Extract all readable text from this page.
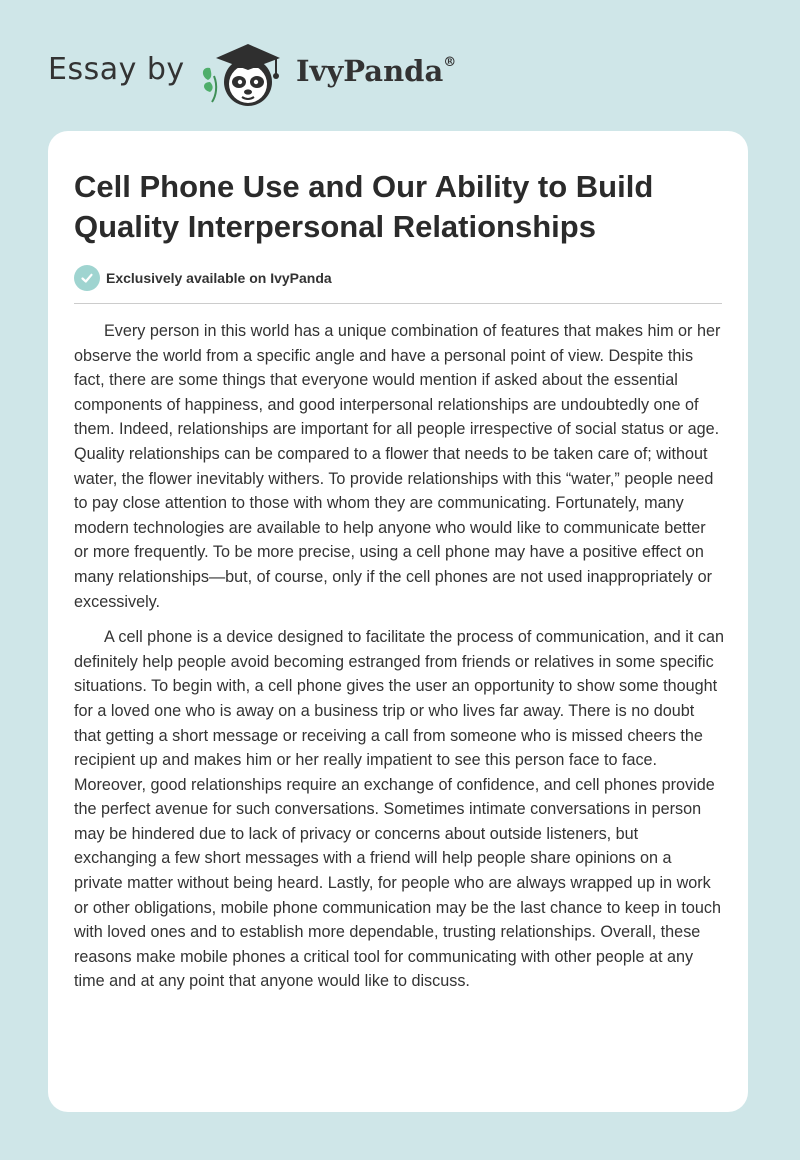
Essay by	IvyPanda®
Cell Phone Use and Our Ability to Build Quality Interpersonal Relationships
Exclusively available on IvyPanda

Every person in this world has a unique combination of features that makes him or her observe the world from a specific angle and have a personal point of view. Despite this fact, there are some things that everyone would mention if asked about the essential components of happiness, and good interpersonal relationships are undoubtedly one of them. Indeed, relationships are important for all people irrespective of social status or age. Quality relationships can be compared to a flower that needs to be taken care of; without water, the flower inevitably withers. To provide relationships with this “water,” people need to pay close attention to those with whom they are communicating. Fortunately, many modern technologies are available to help anyone who would like to communicate better or more frequently. To be more precise, using a cell phone may have a positive effect on many relationships—but, of course, only if the cell phones are not used inappropriately or excessively.

A cell phone is a device designed to facilitate the process of communication, and it can definitely help people avoid becoming estranged from friends or relatives in some specific situations. To begin with, a cell phone gives the user an opportunity to show some thought for a loved one who is away on a business trip or who lives far away. There is no doubt that getting a short message or receiving a call from someone who is missed cheers the recipient up and makes him or her really impatient to see this person face to face. Moreover, good relationships require an exchange of confidence, and cell phones provide the perfect avenue for such conversations. Sometimes intimate conversations in person may be hindered due to lack of privacy or concerns about outside listeners, but exchanging a few short messages with a friend will help people share opinions on a private matter without being heard. Lastly, for people who are always wrapped up in work or other obligations, mobile phone communication may be the last chance to keep in touch with loved ones and to establish more dependable, trusting relationships. Overall, these reasons make mobile phones a critical tool for communicating with other people at any time and at any point that anyone would like to discuss.
